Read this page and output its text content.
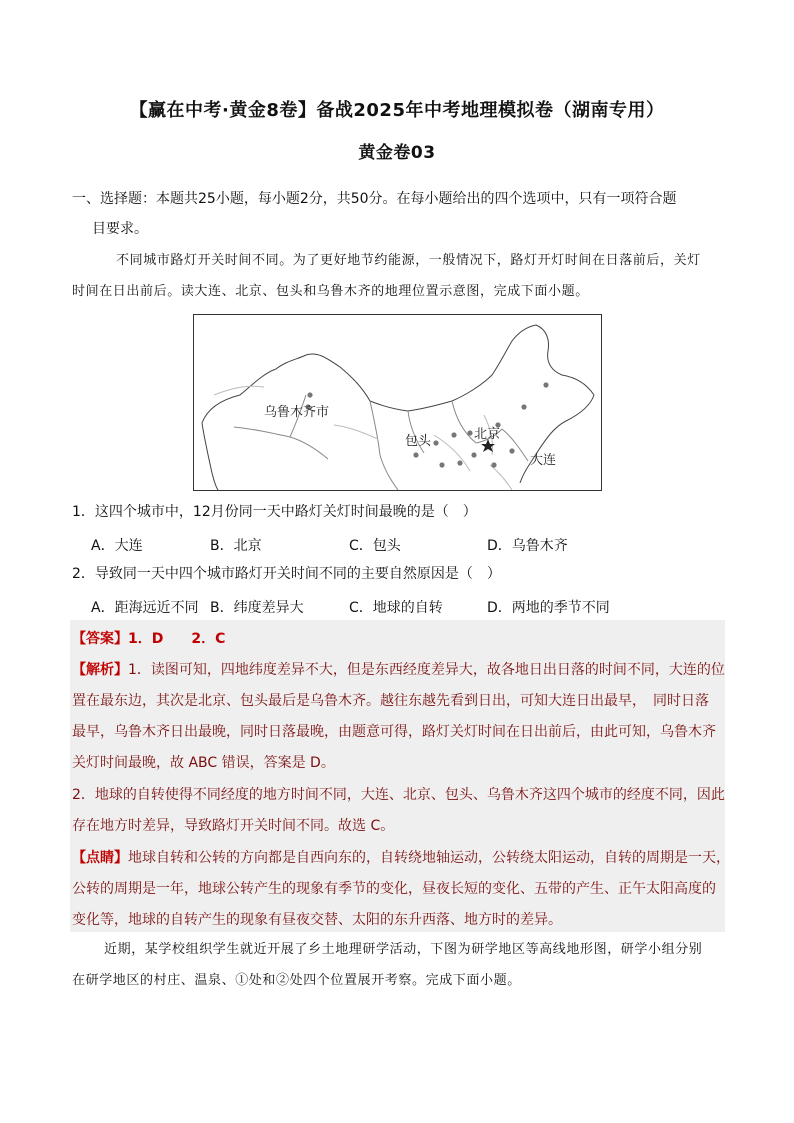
【赢在中考·黄金8卷】备战2025年中考地理模拟卷（湖南专用）
黄金卷03
一、选择题：本题共25小题，每小题2分，共50分。在每小题给出的四个选项中，只有一项符合题
目要求。
不同城市路灯开关时间不同。为了更好地节约能源，一般情况下，路灯开灯时间在日落前后，关灯
时间在日出前后。读大连、北京、包头和乌鲁木齐的地理位置示意图，完成下面小题。
乌鲁木齐市
包头	北京
大连
1．这四个城市中，12月份同一天中路灯关灯时间最晚的是（　）
A．大连	B．北京	C．包头	D．乌鲁木齐
2．导致同一天中四个城市路灯开关时间不同的主要自然原因是（　）
A．距海远近不同 B．纬度差异大	C．地球的自转	D．两地的季节不同
【答案】1．D　　2．C
【解析】1．读图可知，四地纬度差异不大，但是东西经度差异大，故各地日出日落的时间不同，大连的位
置在最东边，其次是北京、包头最后是乌鲁木齐。越往东越先看到日出，可知大连日出最早，　同时日落
最早，乌鲁木齐日出最晚，同时日落最晚，由题意可得，路灯关灯时间在日出前后，由此可知，乌鲁木齐
关灯时间最晚，故 ABC 错误，答案是 D。
2．地球的自转使得不同经度的地方时间不同，大连、北京、包头、乌鲁木齐这四个城市的经度不同，因此
存在地方时差异，导致路灯开关时间不同。故选 C。
【点睛】地球自转和公转的方向都是自西向东的，自转绕地轴运动，公转绕太阳运动，自转的周期是一天，
公转的周期是一年，地球公转产生的现象有季节的变化，昼夜长短的变化、五带的产生、正午太阳高度的
变化等，地球的自转产生的现象有昼夜交替、太阳的东升西落、地方时的差异。
近期，某学校组织学生就近开展了乡土地理研学活动，下图为研学地区等高线地形图，研学小组分别
在研学地区的村庄、温泉、①处和②处四个位置展开考察。完成下面小题。
